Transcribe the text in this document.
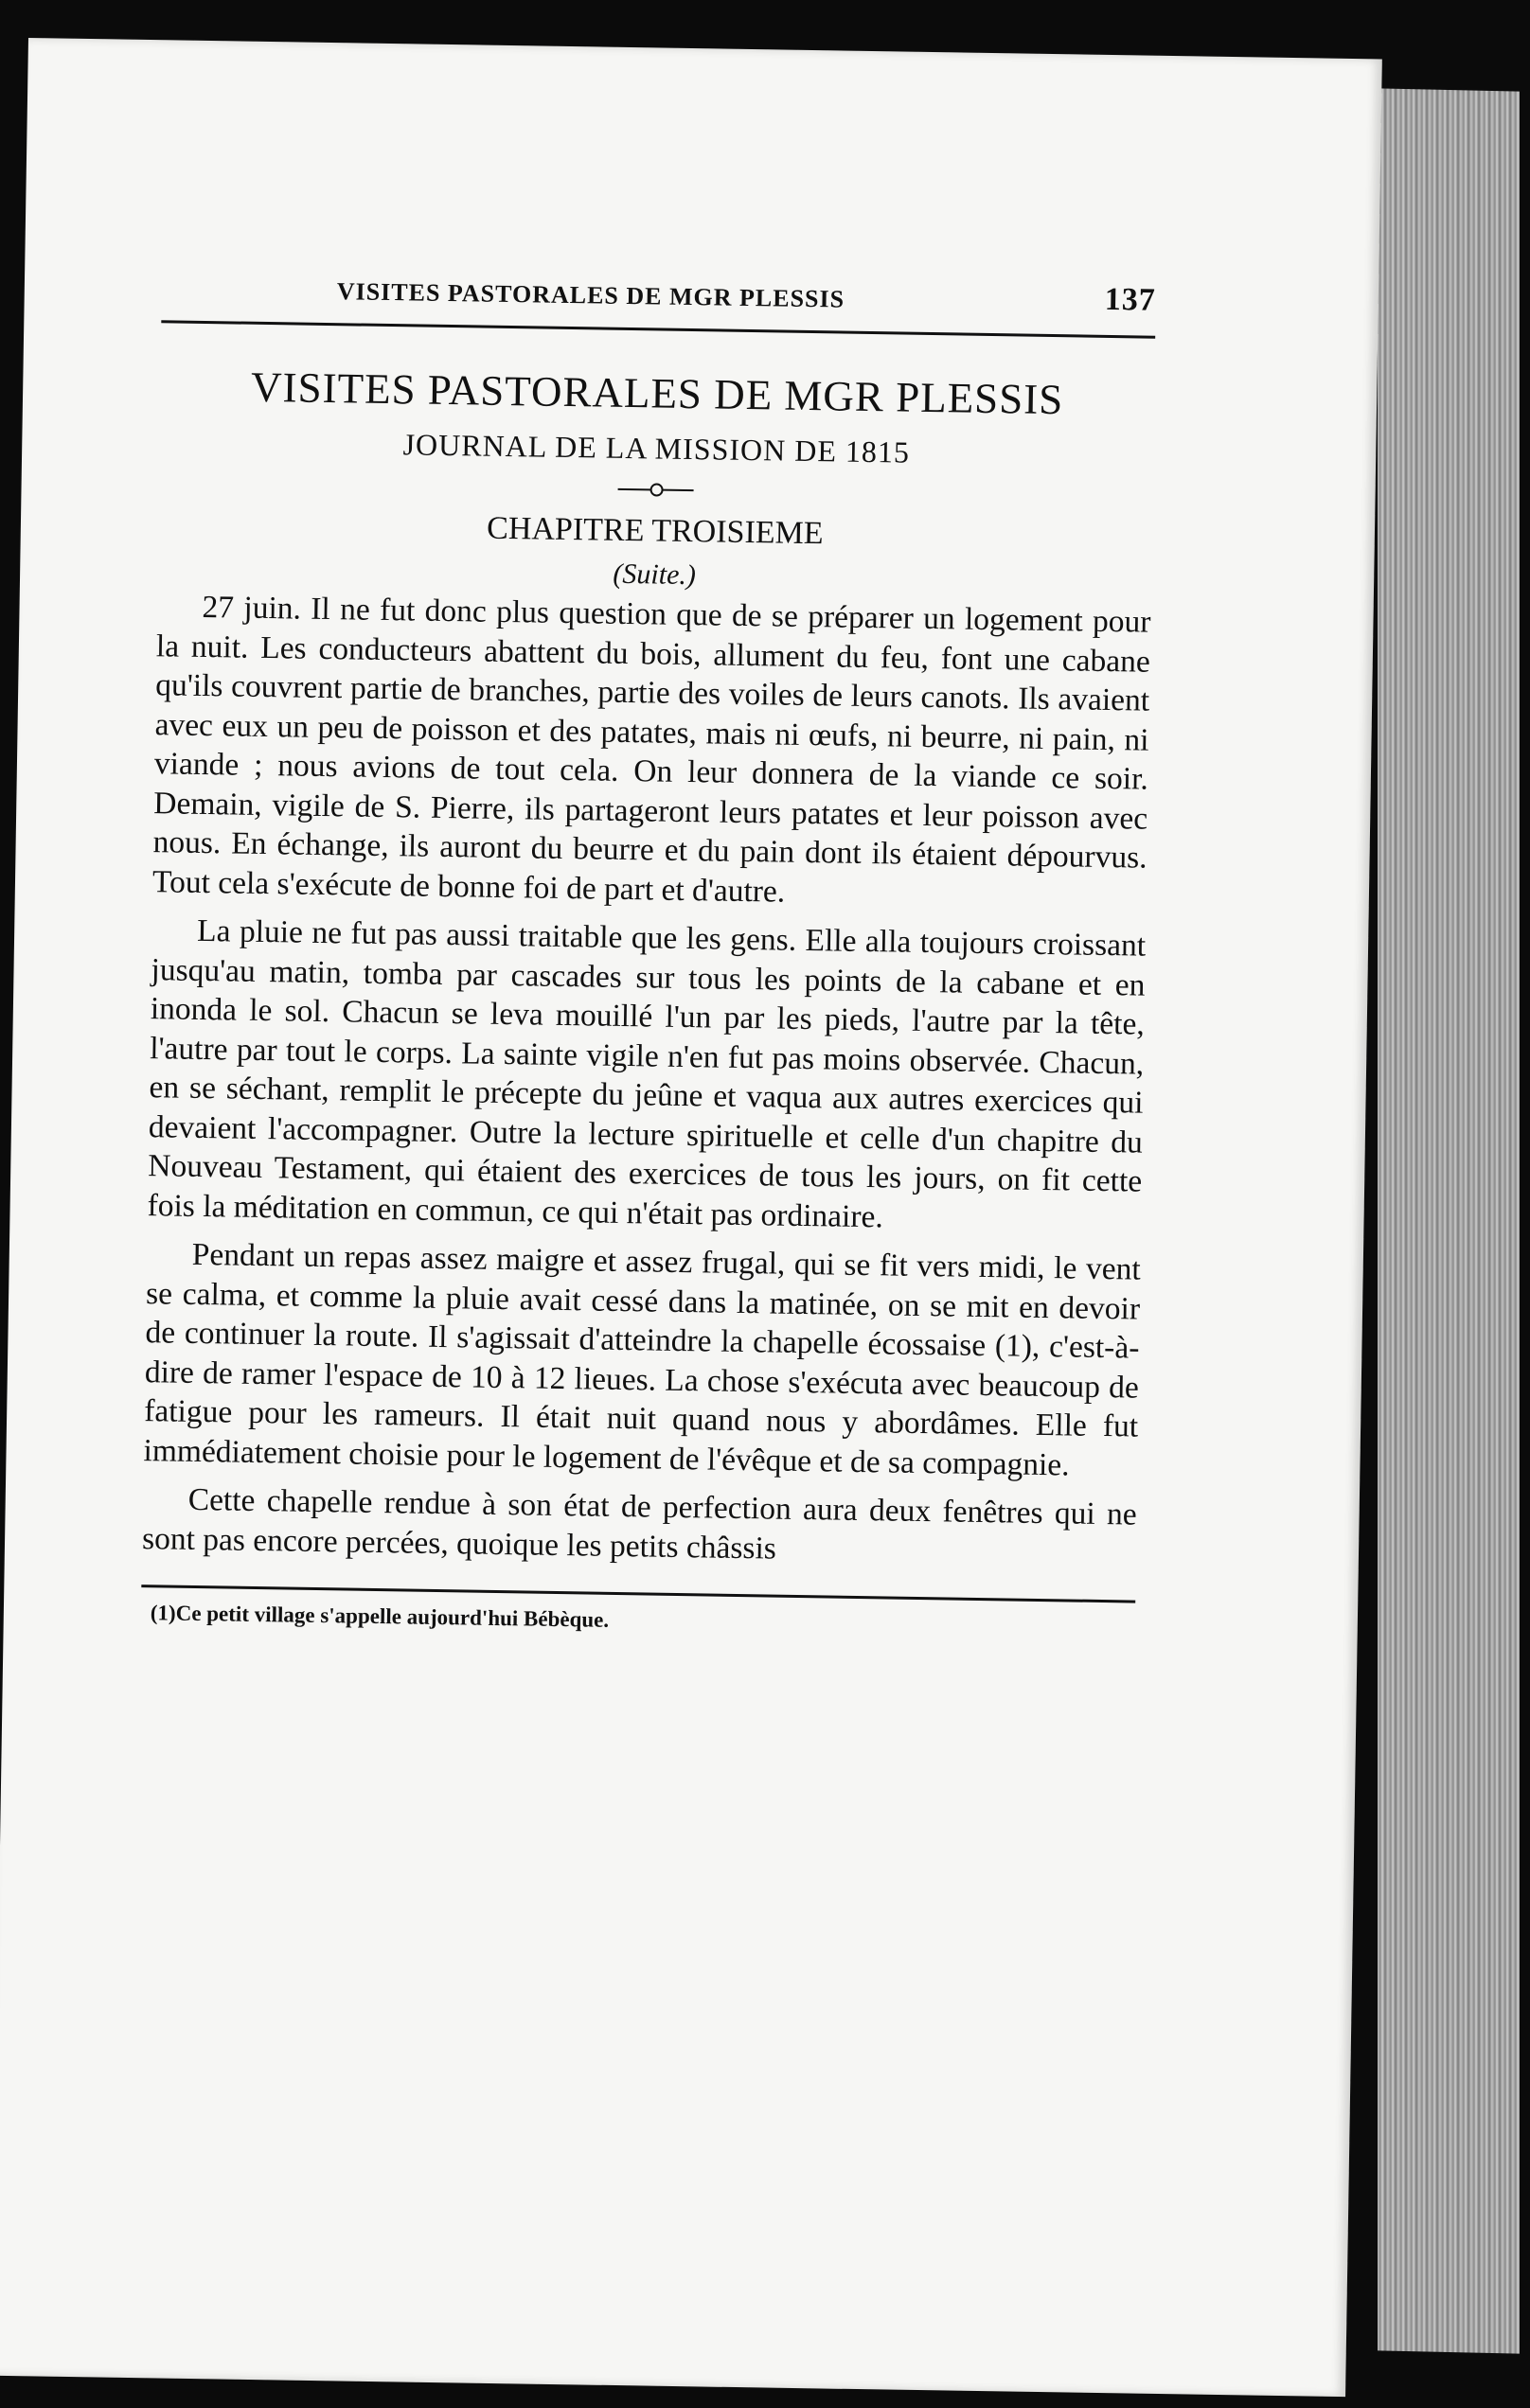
VISITES PASTORALES DE MGR PLESSIS	137
VISITES PASTORALES DE MGR PLESSIS
JOURNAL DE LA MISSION DE 1815
CHAPITRE TROISIEME
(Suite.)

27 juin. Il ne fut donc plus question que de se préparer un logement pour la nuit. Les conducteurs abattent du bois, allument du feu, font une cabane qu'ils couvrent partie de branches, partie des voiles de leurs canots. Ils avaient avec eux un peu de poisson et des patates, mais ni œufs, ni beurre, ni pain, ni viande ; nous avions de tout cela. On leur donnera de la viande ce soir. Demain, vigile de S. Pierre, ils partageront leurs patates et leur poisson avec nous. En échange, ils auront du beurre et du pain dont ils étaient dépourvus. Tout cela s'exécute de bonne foi de part et d'autre.

La pluie ne fut pas aussi traitable que les gens. Elle alla toujours croissant jusqu'au matin, tomba par cascades sur tous les points de la cabane et en inonda le sol. Chacun se leva mouillé l'un par les pieds, l'autre par la tête, l'autre par tout le corps. La sainte vigile n'en fut pas moins observée. Chacun, en se séchant, remplit le précepte du jeûne et vaqua aux autres exercices qui devaient l'accompagner. Outre la lecture spirituelle et celle d'un chapitre du Nouveau Testament, qui étaient des exercices de tous les jours, on fit cette fois la méditation en commun, ce qui n'était pas ordinaire.

Pendant un repas assez maigre et assez frugal, qui se fit vers midi, le vent se calma, et comme la pluie avait cessé dans la matinée, on se mit en devoir de continuer la route. Il s'agissait d'atteindre la chapelle écossaise (1), c'est-à-dire de ramer l'espace de 10 à 12 lieues. La chose s'exécuta avec beaucoup de fatigue pour les rameurs. Il était nuit quand nous y abordâmes. Elle fut immédiatement choisie pour le logement de l'évêque et de sa compagnie.

Cette chapelle rendue à son état de perfection aura deux fenêtres qui ne sont pas encore percées, quoique les petits châssis

(1)Ce petit village s'appelle aujourd'hui Bébèque.
